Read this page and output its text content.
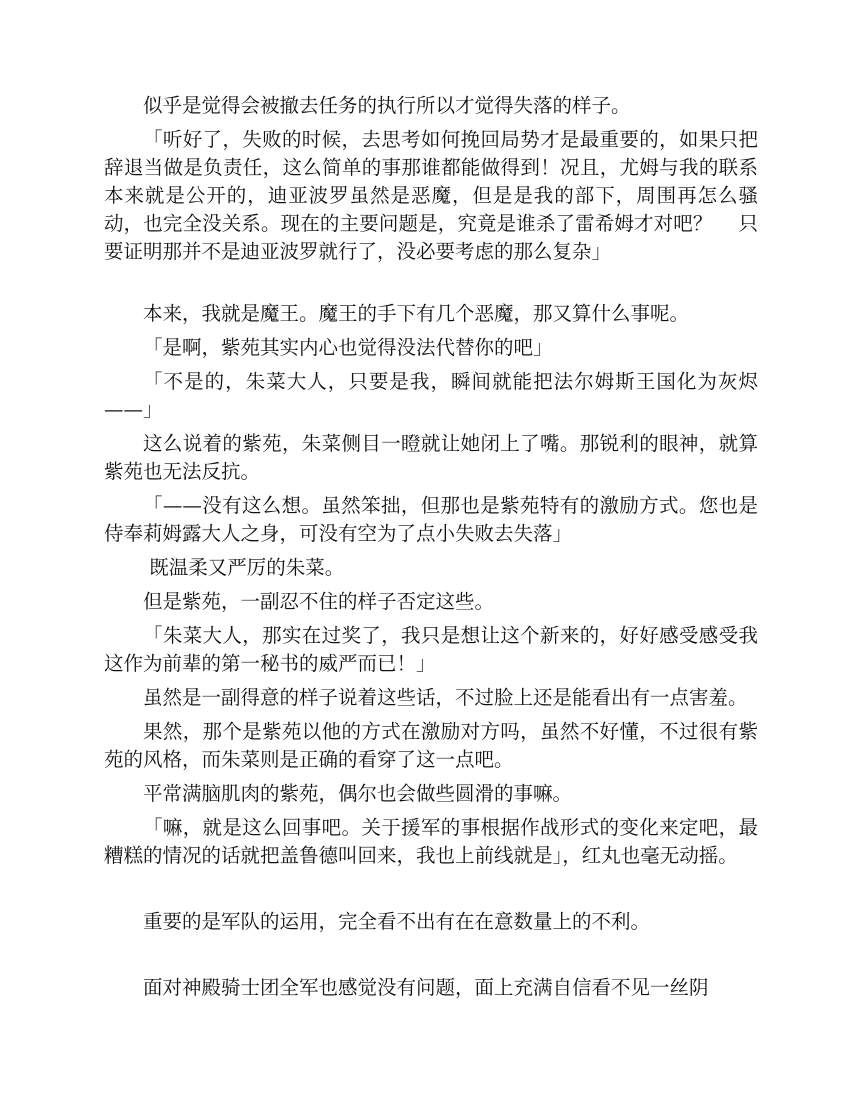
似乎是觉得会被撤去任务的执行所以才觉得失落的样子。

「听好了，失败的时候，去思考如何挽回局势才是最重要的，如果只把辞退当做是负责任，这么简单的事那谁都能做得到！况且，尤姆与我的联系本来就是公开的，迪亚波罗虽然是恶魔，但是是我的部下，周围再怎么骚动，也完全没关系。现在的主要问题是，究竟是谁杀了雷希姆才对吧？　 只要证明那并不是迪亚波罗就行了，没必要考虑的那么复杂」

本来，我就是魔王。魔王的手下有几个恶魔，那又算什么事呢。

「是啊，紫苑其实内心也觉得没法代替你的吧」

「不是的，朱菜大人，只要是我，瞬间就能把法尔姆斯王国化为灰烬——」

这么说着的紫苑，朱菜侧目一瞪就让她闭上了嘴。那锐利的眼神，就算紫苑也无法反抗。

「——没有这么想。虽然笨拙，但那也是紫苑特有的激励方式。您也是侍奉莉姆露大人之身，可没有空为了点小失败去失落」

既温柔又严厉的朱菜。

但是紫苑，一副忍不住的样子否定这些。

「朱菜大人，那实在过奖了，我只是想让这个新来的，好好感受感受我这作为前辈的第一秘书的威严而已！」

虽然是一副得意的样子说着这些话，不过脸上还是能看出有一点害羞。

果然，那个是紫苑以他的方式在激励对方吗，虽然不好懂，不过很有紫苑的风格，而朱菜则是正确的看穿了这一点吧。

平常满脑肌肉的紫苑，偶尔也会做些圆滑的事嘛。

「嘛，就是这么回事吧。关于援军的事根据作战形式的变化来定吧，最糟糕的情况的话就把盖鲁德叫回来，我也上前线就是」，红丸也毫无动摇。

重要的是军队的运用，完全看不出有在在意数量上的不利。

面对神殿骑士团全军也感觉没有问题，面上充满自信看不见一丝阴
